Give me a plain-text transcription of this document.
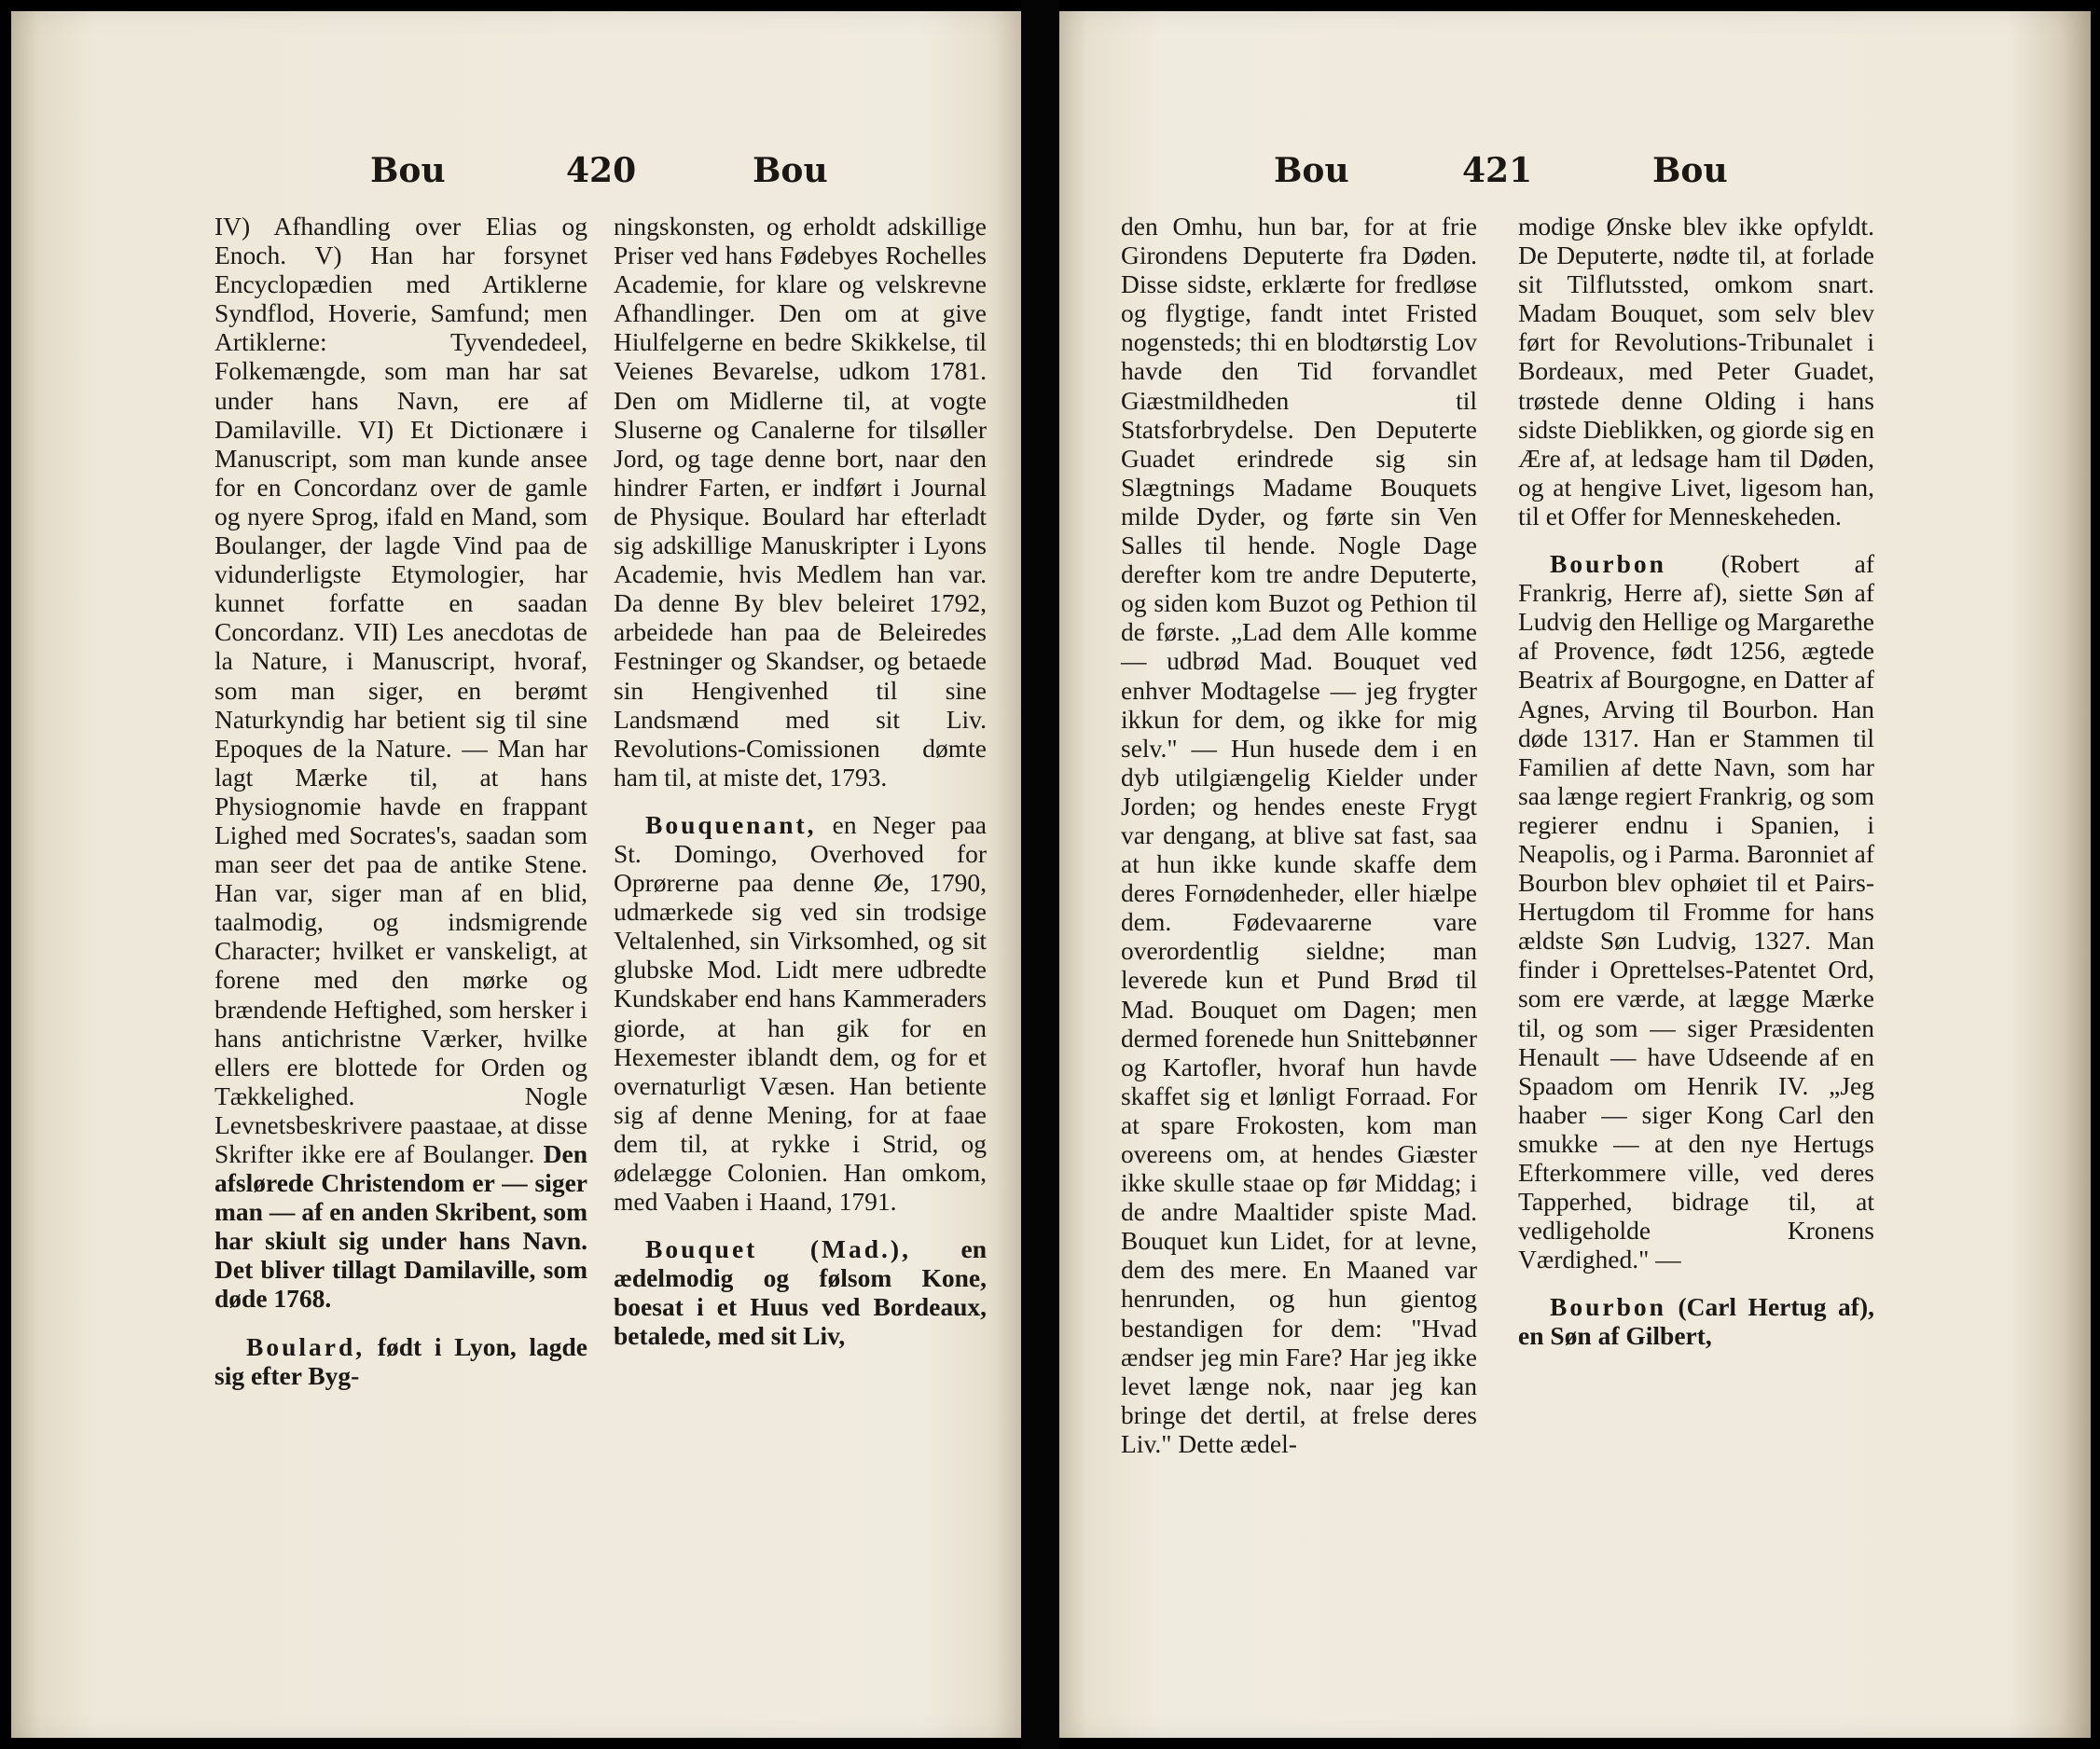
Bou	420	Bou

IV) Afhandling over Elias og Enoch. V) Han har forsynet Encyclopædien med Artiklerne Syndflod, Hoverie, Samfund; men Artiklerne: Tyvendedeel, Folkemængde, som man har sat under hans Navn, ere af Damilaville. VI) Et Dictionære i Manuscript, som man kunde ansee for en Concordanz over de gamle og nyere Sprog, ifald en Mand, som Boulanger, der lagde Vind paa de vidunderligste Etymologier, har kunnet forfatte en saadan Concordanz. VII) Les anecdotas de la Nature, i Manuscript, hvoraf, som man siger, en berømt Naturkyndig har betient sig til sine Epoques de la Nature. — Man har lagt Mærke til, at hans Physiognomie havde en frappant Lighed med Socrates's, saadan som man seer det paa de antike Stene. Han var, siger man af en blid, taalmodig, og indsmigrende Character; hvilket er vanskeligt, at forene med den mørke og brændende Heftighed, som hersker i hans antichristne Værker, hvilke ellers ere blottede for Orden og Tækkelighed. Nogle Levnetsbeskrivere paastaae, at disse Skrifter ikke ere af Boulanger. Den afslørede Christendom er — siger man — af en anden Skribent, som har skiult sig under hans Navn. Det bliver tillagt Damilaville, som døde 1768.

Boulard, født i Lyon, lagde sig efter Byg-

ningskonsten, og erholdt adskillige Priser ved hans Fødebyes Rochelles Academie, for klare og velskrevne Afhandlinger. Den om at give Hiulfelgerne en bedre Skikkelse, til Veienes Bevarelse, udkom 1781. Den om Midlerne til, at vogte Sluserne og Canalerne for tilsøller Jord, og tage denne bort, naar den hindrer Farten, er indført i Journal de Physique. Boulard har efterladt sig adskillige Manuskripter i Lyons Academie, hvis Medlem han var. Da denne By blev beleiret 1792, arbeidede han paa de Beleiredes Festninger og Skandser, og betaede sin Hengivenhed til sine Landsmænd med sit Liv. Revolutions-Comissionen dømte ham til, at miste det, 1793.

Bouquenant, en Neger paa St. Domingo, Overhoved for Oprørerne paa denne Øe, 1790, udmærkede sig ved sin trodsige Veltalenhed, sin Virksomhed, og sit glubske Mod. Lidt mere udbredte Kundskaber end hans Kammeraders giorde, at han gik for en Hexemester iblandt dem, og for et overnaturligt Væsen. Han betiente sig af denne Mening, for at faae dem til, at rykke i Strid, og ødelægge Colonien. Han omkom, med Vaaben i Haand, 1791.

Bouquet (Mad.), en ædelmodig og følsom Kone, boesat i et Huus ved Bordeaux, betalede, med sit Liv,

Bou	421	Bou

den Omhu, hun bar, for at frie Girondens Deputerte fra Døden. Disse sidste, erklærte for fredløse og flygtige, fandt intet Fristed nogensteds; thi en blodtørstig Lov havde den Tid forvandlet Giæstmildheden til Statsforbrydelse. Den Deputerte Guadet erindrede sig sin Slægtnings Madame Bouquets milde Dyder, og førte sin Ven Salles til hende. Nogle Dage derefter kom tre andre Deputerte, og siden kom Buzot og Pethion til de første. „Lad dem Alle komme — udbrød Mad. Bouquet ved enhver Modtagelse — jeg frygter ikkun for dem, og ikke for mig selv." — Hun husede dem i en dyb utilgiængelig Kielder under Jorden; og hendes eneste Frygt var dengang, at blive sat fast, saa at hun ikke kunde skaffe dem deres Fornødenheder, eller hiælpe dem. Fødevaarerne vare overordentlig sieldne; man leverede kun et Pund Brød til Mad. Bouquet om Dagen; men dermed forenede hun Snittebønner og Kartofler, hvoraf hun havde skaffet sig et lønligt Forraad. For at spare Frokosten, kom man overeens om, at hendes Giæster ikke skulle staae op før Middag; i de andre Maaltider spiste Mad. Bouquet kun Lidet, for at levne, dem des mere. En Maaned var henrunden, og hun gientog bestandigen for dem: "Hvad ændser jeg min Fare? Har jeg ikke levet længe nok, naar jeg kan bringe det dertil, at frelse deres Liv." Dette ædel-

modige Ønske blev ikke opfyldt. De Deputerte, nødte til, at forlade sit Tilflutssted, omkom snart. Madam Bouquet, som selv blev ført for Revolutions-Tribunalet i Bordeaux, med Peter Guadet, trøstede denne Olding i hans sidste Dieblikken, og giorde sig en Ære af, at ledsage ham til Døden, og at hengive Livet, ligesom han, til et Offer for Menneskeheden.

Bourbon (Robert af Frankrig, Herre af), siette Søn af Ludvig den Hellige og Margarethe af Provence, født 1256, ægtede Beatrix af Bourgogne, en Datter af Agnes, Arving til Bourbon. Han døde 1317. Han er Stammen til Familien af dette Navn, som har saa længe regiert Frankrig, og som regierer endnu i Spanien, i Neapolis, og i Parma. Baronniet af Bourbon blev ophøiet til et Pairs-Hertugdom til Fromme for hans ældste Søn Ludvig, 1327. Man finder i Oprettelses-Patentet Ord, som ere værde, at lægge Mærke til, og som — siger Præsidenten Henault — have Udseende af en Spaadom om Henrik IV. „Jeg haaber — siger Kong Carl den smukke — at den nye Hertugs Efterkommere ville, ved deres Tapperhed, bidrage til, at vedligeholde Kronens Værdighed." —

Bourbon (Carl Hertug af), en Søn af Gilbert,
